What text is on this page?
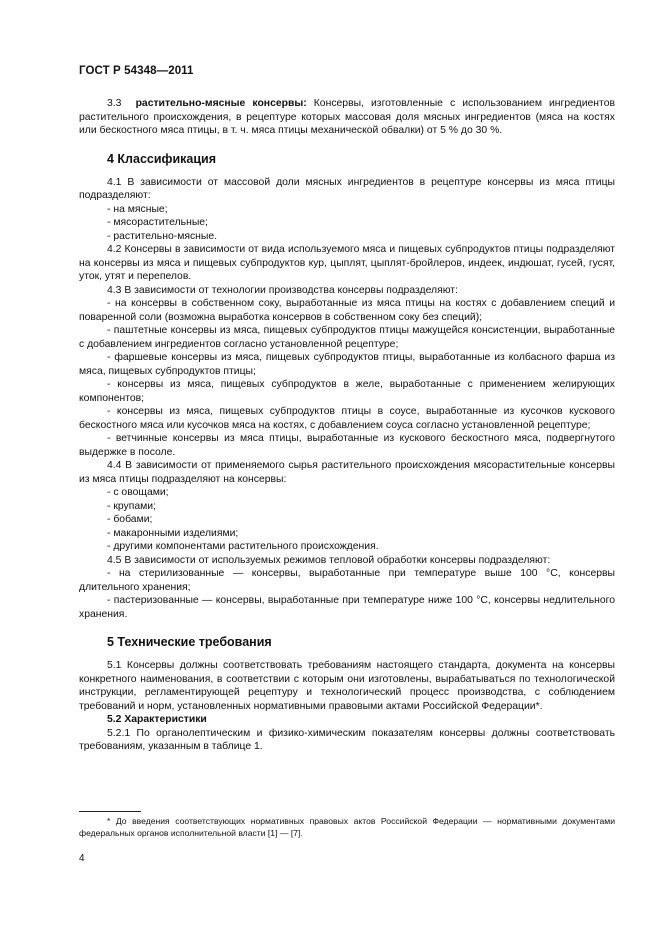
ГОСТ Р 54348—2011

3.3 растительно-мясные консервы: Консервы, изготовленные с использованием ингредиентов растительного происхождения, в рецептуре которых массовая доля мясных ингредиентов (мяса на костях или бескостного мяса птицы, в т. ч. мяса птицы механической обвалки) от 5 % до 30 %.

4 Классификация

4.1 В зависимости от массовой доли мясных ингредиентов в рецептуре консервы из мяса птицы подразделяют:

- на мясные;

- мясорастительные;

- растительно-мясные.

4.2 Консервы в зависимости от вида используемого мяса и пищевых субпродуктов птицы подразделяют на консервы из мяса и пищевых субпродуктов кур, цыплят, цыплят-бройлеров, индеек, индюшат, гусей, гусят, уток, утят и перепелов.

4.3 В зависимости от технологии производства консервы подразделяют:

- на консервы в собственном соку, выработанные из мяса птицы на костях с добавлением специй и поваренной соли (возможна выработка консервов в собственном соку без специй);

- паштетные консервы из мяса, пищевых субпродуктов птицы мажущейся консистенции, выработанные с добавлением ингредиентов согласно установленной рецептуре;

- фаршевые консервы из мяса, пищевых субпродуктов птицы, выработанные из колбасного фарша из мяса, пищевых субпродуктов птицы;

- консервы из мяса, пищевых субпродуктов в желе, выработанные с применением желирующих компонентов;

- консервы из мяса, пищевых субпродуктов птицы в соусе, выработанные из кусочков кускового бескостного мяса или кусочков мяса на костях, с добавлением соуса согласно установленной рецептуре;

- ветчинные консервы из мяса птицы, выработанные из кускового бескостного мяса, подвергнутого выдержке в посоле.

4.4 В зависимости от применяемого сырья растительного происхождения мясорастительные консервы из мяса птицы подразделяют на консервы:

- с овощами;

- крупами;

- бобами;

- макаронными изделиями;

- другими компонентами растительного происхождения.

4.5 В зависимости от используемых режимов тепловой обработки консервы подразделяют:

- на стерилизованные — консервы, выработанные при температуре выше 100 °С, консервы длительного хранения;

- пастеризованные — консервы, выработанные при температуре ниже 100 °С, консервы недлительного хранения.

5 Технические требования

5.1 Консервы должны соответствовать требованиям настоящего стандарта, документа на консервы конкретного наименования, в соответствии с которым они изготовлены, вырабатываться по технологической инструкции, регламентирующей рецептуру и технологический процесс производства, с соблюдением требований и норм, установленных нормативными правовыми актами Российской Федерации*.

5.2 Характеристики

5.2.1 По органолептическим и физико-химическим показателям консервы должны соответствовать требованиям, указанным в таблице 1.

* До введения соответствующих нормативных правовых актов Российской Федерации — нормативными документами федеральных органов исполнительной власти [1] — [7].
4
